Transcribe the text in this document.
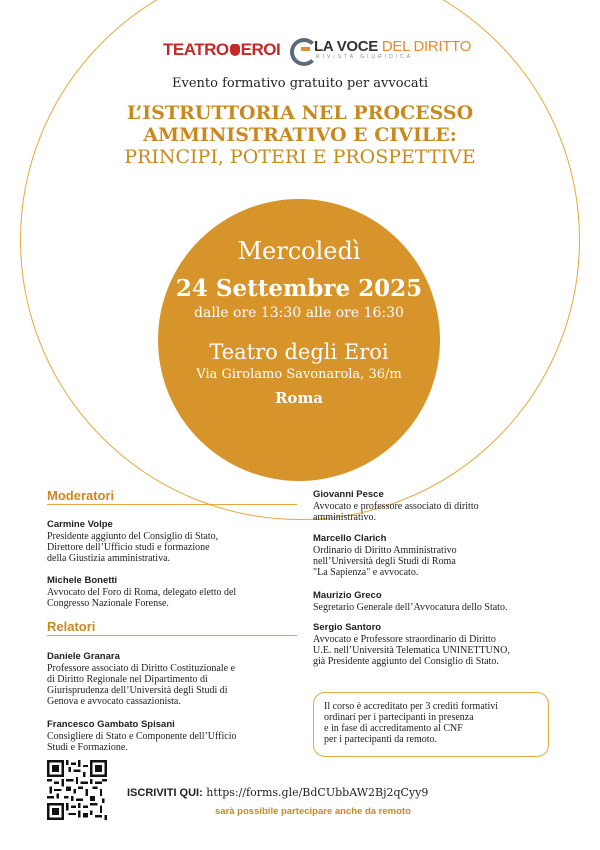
TEATRO EROI LA VOCE DEL DIRITTO
RIVISTA GIURIDICA
Evento formativo gratuito per avvocati
L’ISTRUTTORIA NEL PROCESSO
AMMINISTRATIVO E CIVILE:
PRINCIPI, POTERI E PROSPETTIVE
Mercoledì
24 Settembre 2025
dalle ore 13:30 alle ore 16:30
Teatro degli Eroi
Via Girolamo Savonarola, 36/m
Roma
Moderatori
Carmine Volpe
Presidente aggiunto del Consiglio di Stato,
Direttore dell’Ufficio studi e formazione
della Giustizia amministrativa.
Michele Bonetti
Avvocato del Foro di Roma, delegato eletto del
Congresso Nazionale Forense.
Relatori
Daniele Granara
Professore associato di Diritto Costituzionale e
di Diritto Regionale nel Dipartimento di
Giurisprudenza dell’Università degli Studi di
Genova e avvocato cassazionista.
Francesco Gambato Spisani
Consigliere di Stato e Componente dell’Ufficio
Studi e Formazione.
Giovanni Pesce
Avvocato e professore associato di diritto
amministrativo.
Marcello Clarich
Ordinario di Diritto Amministrativo
nell’Università degli Studi di Roma
"La Sapienza" e avvocato.
Maurizio Greco
Segretario Generale dell’Avvocatura dello Stato.
Sergio Santoro
Avvocato e Professore straordinario di Diritto
U.E. nell’Università Telematica UNINETTUNO,
già Presidente aggiunto del Consiglio di Stato.
Il corso è accreditato per 3 crediti formativi
ordinari per i partecipanti in presenza
e in fase di accreditamento al CNF
per i partecipanti da remoto.
ISCRIVITI QUI: https://forms.gle/BdCUbbAW2Bj2qCyy9
sarà possibile partecipare anche da remoto
